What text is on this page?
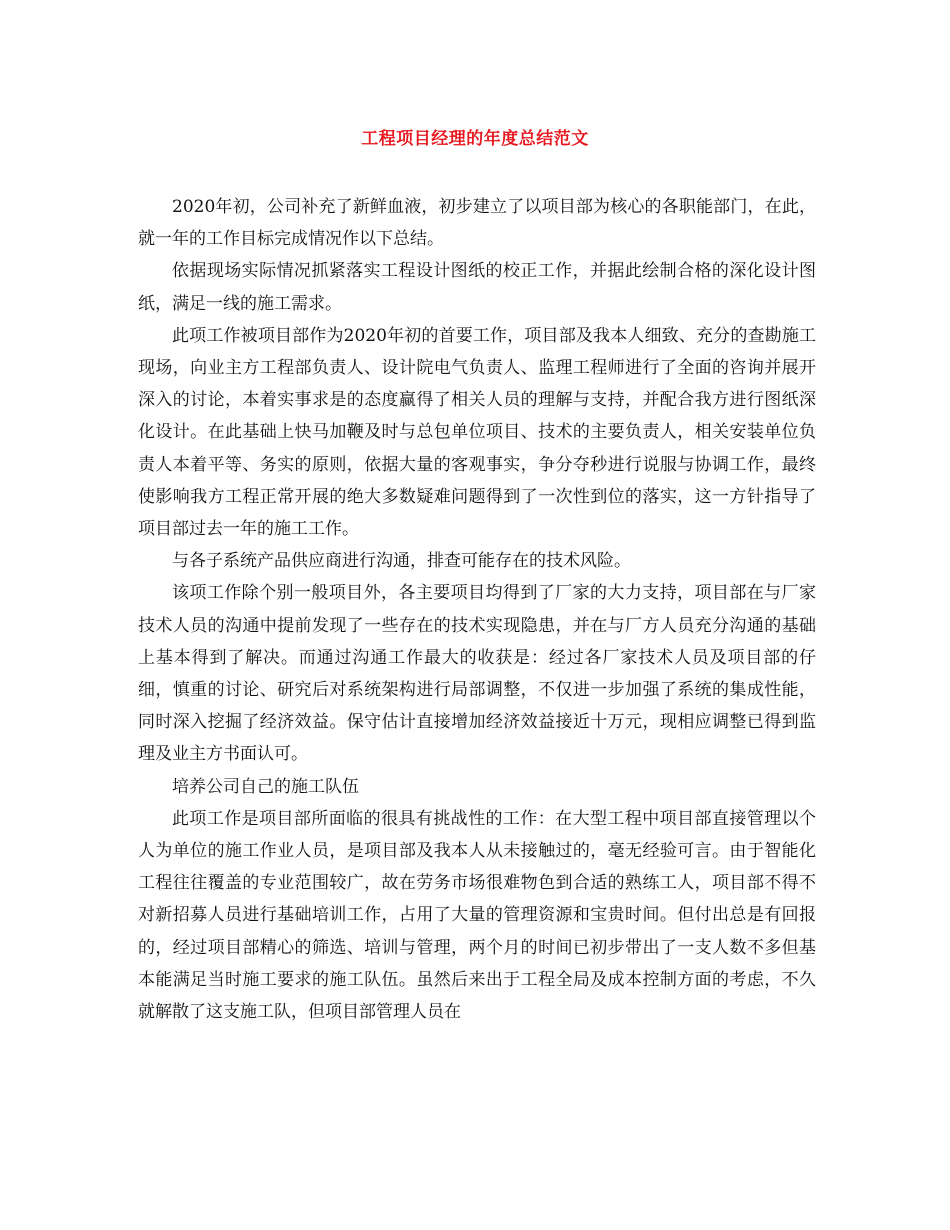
工程项目经理的年度总结范文

2020年初，公司补充了新鲜血液，初步建立了以项目部为核心的各职能部门，在此，就一年的工作目标完成情况作以下总结。

依据现场实际情况抓紧落实工程设计图纸的校正工作，并据此绘制合格的深化设计图纸，满足一线的施工需求。

此项工作被项目部作为2020年初的首要工作，项目部及我本人细致、充分的查勘施工现场，向业主方工程部负责人、设计院电气负责人、监理工程师进行了全面的咨询并展开深入的讨论，本着实事求是的态度赢得了相关人员的理解与支持，并配合我方进行图纸深化设计。在此基础上快马加鞭及时与总包单位项目、技术的主要负责人，相关安装单位负责人本着平等、务实的原则，依据大量的客观事实，争分夺秒进行说服与协调工作，最终使影响我方工程正常开展的绝大多数疑难问题得到了一次性到位的落实，这一方针指导了项目部过去一年的施工工作。

与各子系统产品供应商进行沟通，排查可能存在的技术风险。

该项工作除个别一般项目外，各主要项目均得到了厂家的大力支持，项目部在与厂家技术人员的沟通中提前发现了一些存在的技术实现隐患，并在与厂方人员充分沟通的基础上基本得到了解决。而通过沟通工作最大的收获是：经过各厂家技术人员及项目部的仔细，慎重的讨论、研究后对系统架构进行局部调整，不仅进一步加强了系统的集成性能，同时深入挖掘了经济效益。保守估计直接增加经济效益接近十万元，现相应调整已得到监理及业主方书面认可。

培养公司自己的施工队伍

此项工作是项目部所面临的很具有挑战性的工作：在大型工程中项目部直接管理以个人为单位的施工作业人员，是项目部及我本人从未接触过的，毫无经验可言。由于智能化工程往往覆盖的专业范围较广，故在劳务市场很难物色到合适的熟练工人，项目部不得不对新招募人员进行基础培训工作，占用了大量的管理资源和宝贵时间。但付出总是有回报的，经过项目部精心的筛选、培训与管理，两个月的时间已初步带出了一支人数不多但基本能满足当时施工要求的施工队伍。虽然后来出于工程全局及成本控制方面的考虑，不久就解散了这支施工队，但项目部管理人员在
